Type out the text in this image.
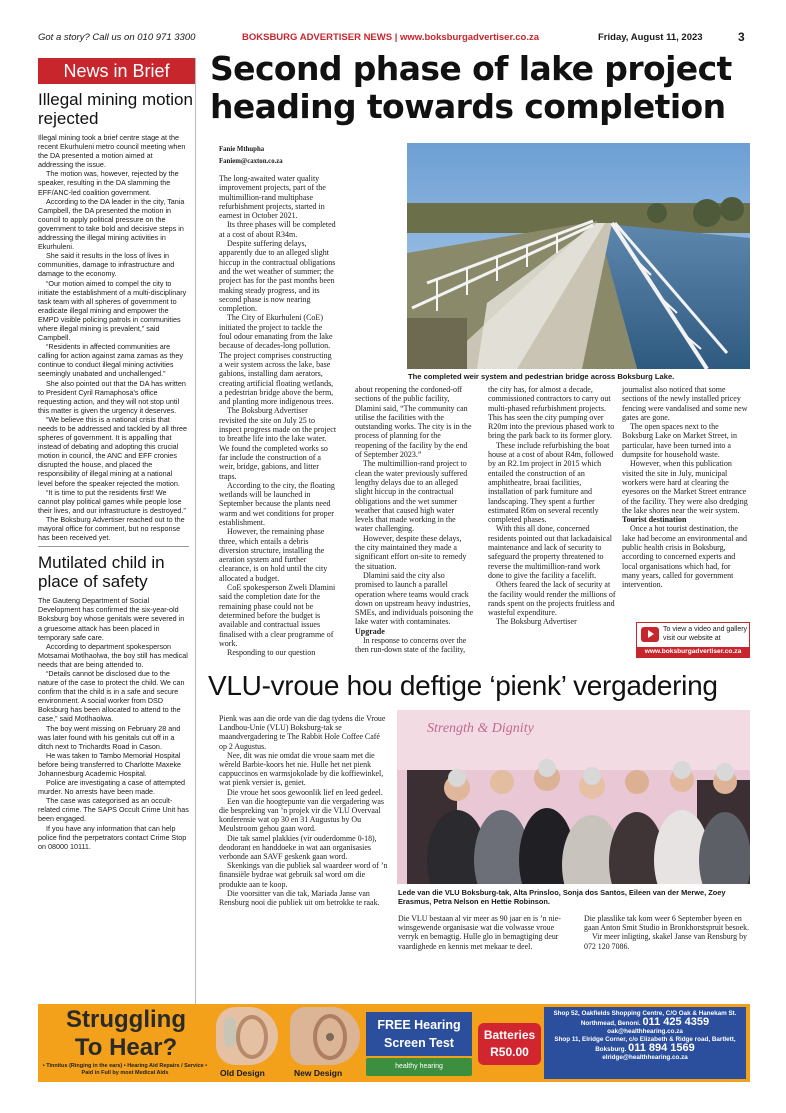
Got a story? Call us on 010 971 3300	BOKSBURG ADVERTISER NEWS | www.boksburgadvertiser.co.za	Friday, August 11, 2023	3
News in Brief
Illegal mining motion rejected

Illegal mining took a brief centre stage at the recent Ekurhuleni metro council meeting when the DA presented a motion aimed at addressing the issue.

The motion was, however, rejected by the speaker, resulting in the DA slamming the EFF/ANC-led coalition government.

According to the DA leader in the city, Tania Campbell, the DA presented the motion in council to apply political pressure on the government to take bold and decisive steps in addressing the illegal mining activities in Ekurhuleni.

She said it results in the loss of lives in communities, damage to infrastructure and damage to the economy.

“Our motion aimed to compel the city to initiate the establishment of a multi-disciplinary task team with all spheres of government to eradicate illegal mining and empower the EMPD visible policing patrols in communities where illegal mining is prevalent,” said Campbell.

“Residents in affected communities are calling for action against zama zamas as they continue to conduct illegal mining activities seemingly unabated and unchallenged.”

She also pointed out that the DA has written to President Cyril Ramaphosa's office requesting action, and they will not stop until this matter is given the urgency it deserves.

“We believe this is a national crisis that needs to be addressed and tackled by all three spheres of government. It is appalling that instead of debating and adopting this crucial motion in council, the ANC and EFF cronies disrupted the house, and placed the responsibility of illegal mining at a national level before the speaker rejected the motion.

“It is time to put the residents first! We cannot play political games while people lose their lives, and our infrastructure is destroyed.”

The Boksburg Advertiser reached out to the mayoral office for comment, but no response has been received yet.

Mutilated child in place of safety

The Gauteng Department of Social Development has confirmed the six-year-old Boksburg boy whose genitals were severed in a gruesome attack has been placed in temporary safe care.

According to department spokesperson Motsamai Motlhaolwa, the boy still has medical needs that are being attended to.

“Details cannot be disclosed due to the nature of the case to protect the child. We can confirm that the child is in a safe and secure environment. A social worker from DSD Boksburg has been allocated to attend to the case,” said Motlhaolwa.

The boy went missing on February 28 and was later found with his genitals cut off in a ditch next to Trichardts Road in Cason.

He was taken to Tambo Memorial Hospital before being transferred to Charlotte Maxeke Johannesburg Academic Hospital.

Police are investigating a case of attempted murder. No arrests have been made.

The case was categorised as an occult-related crime. The SAPS Occult Crime Unit has been engaged.

If you have any information that can help police find the perpetrators contact Crime Stop on 08000 10111.

Second phase of lake project heading towards completion
Fanie Mthupha
Faniem@caxton.co.za

The long-awaited water quality improvement projects, part of the multimillion-rand multiphase refurbishment projects, started in earnest in October 2021.

Its three phases will be completed at a cost of about R34m.

Despite suffering delays, apparently due to an alleged slight hiccup in the contractual obligations and the wet weather of summer; the project has for the past months been making steady progress, and its second phase is now nearing completion.

The City of Ekurhuleni (CoE) initiated the project to tackle the foul odour emanating from the lake because of decades-long pollution. The project comprises constructing a weir system across the lake, base gabions, installing dam aerators, creating artificial floating wetlands, a pedestrian bridge above the berm, and planting more indigenous trees.

The Boksburg Advertiser revisited the site on July 25 to inspect progress made on the project to breathe life into the lake water. We found the completed works so far include the construction of a weir, bridge, gabions, and litter traps.

According to the city, the floating wetlands will be launched in September because the plants need warm and wet conditions for proper establishment.

However, the remaining phase three, which entails a debris diversion structure, installing the aeration system and further clearance, is on hold until the city allocated a budget.

CoE spokesperson Zweli Dlamini said the completion date for the remaining phase could not be determined before the budget is available and contractual issues finalised with a clear programme of work.

Responding to our question

The completed weir system and pedestrian bridge across Boksburg Lake.

about reopening the cordoned-off sections of the public facility, Dlamini said, “The community can utilise the facilities with the outstanding works. The city is in the process of planning for the reopening of the facility by the end of September 2023.”

The multimillion-rand project to clean the water previously suffered lengthy delays due to an alleged slight hiccup in the contractual obligations and the wet summer weather that caused high water levels that made working in the water challenging.

However, despite these delays, the city maintained they made a significant effort on-site to remedy the situation.

Dlamini said the city also promised to launch a parallel operation where teams would crack down on upstream heavy industries, SMEs, and individuals poisoning the lake water with contaminates.

Upgrade

In response to concerns over the then run-down state of the facility,

the city has, for almost a decade, commissioned contractors to carry out multi-phased refurbishment projects. This has seen the city pumping over R20m into the previous phased work to bring the park back to its former glory.

These include refurbishing the boat house at a cost of about R4m, followed by an R2.1m project in 2015 which entailed the construction of an amphitheatre, braai facilities, installation of park furniture and landscaping. They spent a further estimated R6m on several recently completed phases.

With this all done, concerned residents pointed out that lackadaisical maintenance and lack of security to safeguard the property threatened to reverse the multimillion-rand work done to give the facility a facelift.

Others feared the lack of security at the facility would render the millions of rands spent on the projects fruitless and wasteful expenditure.

The Boksburg Advertiser

journalist also noticed that some sections of the newly installed pricey fencing were vandalised and some new gates are gone.

The open spaces next to the Boksburg Lake on Market Street, in particular, have been turned into a dumpsite for household waste.

However, when this publication visited the site in July, municipal workers were hard at clearing the eyesores on the Market Street entrance of the facility. They were also dredging the lake shores near the weir system.

Tourist destination

Once a hot tourist destination, the lake had become an environmental and public health crisis in Boksburg, according to concerned experts and local organisations which had, for many years, called for government intervention.

To view a video and gallery visit our website at
www.boksburgadvertiser.co.za
VLU-vroue hou deftige ‘pienk’ vergadering

Pienk was aan die orde van die dag tydens die Vroue Landbou-Unie (VLU) Boksburg-tak se maandvergadering te The Rabbit Hole Coffee Café op 2 Augustus.

Nee, dit was nie omdat die vroue saam met die wêreld Barbie-koors het nie. Hulle het net pienk cappuccinos en warmsjokolade by die koffiewinkel, wat pienk versier is, geniet.

Die vroue het soos gewoonlik lief en leed gedeel.

Een van die hoogtepunte van die vergadering was die bespreking van ’n projek vir die VLU Overvaal konferensie wat op 30 en 31 Augustus by Ou Meulstroom gehou gaan word.

Die tak samel plakkies (vir ouderdomme 0-18), deodorant en handdoeke in wat aan organisasies verbonde aan SAVF geskenk gaan word.

Skenkings van die publiek sal waardeer word of ’n finansiële bydrae wat gebruik sal word om die produkte aan te koop.

Die voorsitter van die tak, Mariada Janse van Rensburg nooi die publiek uit om betrokke te raak.

Strength & Dignity
Lede van die VLU Boksburg-tak, Alta Prinsloo, Sonja dos Santos, Eileen van der Merwe, Zoey Erasmus, Petra Nelson en Hettie Robinson.

Die VLU bestaan al vir meer as 90 jaar en is ’n nie-winsgewende organisasie wat die volwasse vroue verryk en bemagtig. Hulle glo in bemagtiging deur vaardighede en kennis met mekaar te deel.

Die plasslike tak kom weer 6 September byeen en gaan Anton Smit Studio in Bronkhorstspruit besoek.

Vir meer inligting, skakel Janse van Rensburg by 072 120 7086.

Struggling To Hear?
• Tinnitus (Ringing in the ears) • Hearing Aid Repairs / Service • Paid in Full by most Medical Aids	Old Design	New Design
FREE Hearing
Screen Test
healthy hearing
Batteries
R50.00
Shop 52, Oakfields Shopping Centre, C/O Oak & Hanekam St. Northmead, Benoni. 011 425 4359
oak@healthhearing.co.za
Shop 11, Elridge Corner, c/o Elizabeth & Ridge road, Bartlett, Boksburg. 011 894 1569
elridge@healthhearing.co.za
